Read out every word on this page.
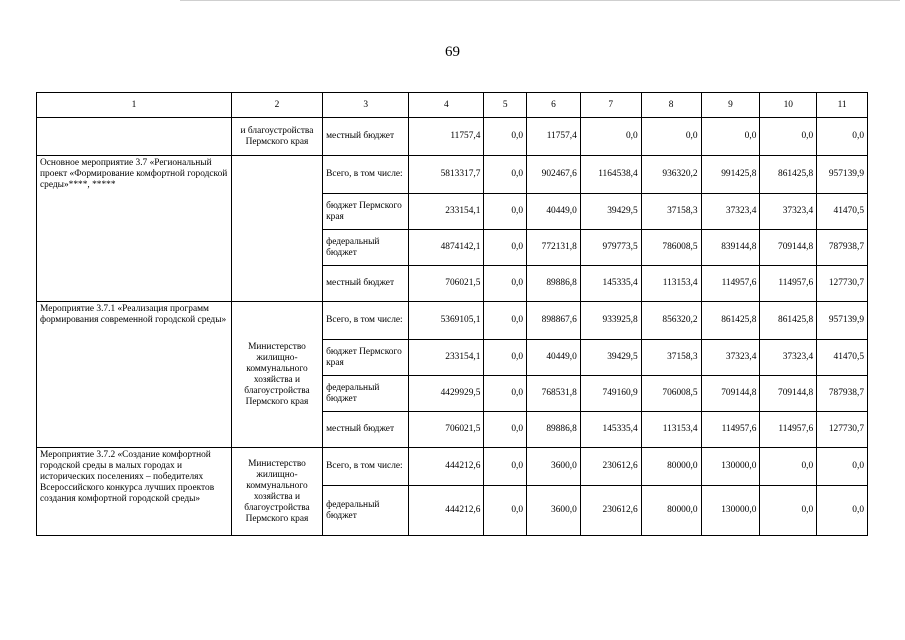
69
1	2	3	4	5	6	7	8	9	10	11
	и благоустройства Пермского края	местный бюджет	11757,4	0,0	11757,4	0,0	0,0	0,0	0,0	0,0
Основное мероприятие 3.7 «Региональный проект «Формирование комфортной городской среды»****, *****		Всего, в том числе:	5813317,7	0,0	902467,6	1164538,4	936320,2	991425,8	861425,8	957139,9
		бюджет Пермского края	233154,1	0,0	40449,0	39429,5	37158,3	37323,4	37323,4	41470,5
		федеральный бюджет	4874142,1	0,0	772131,8	979773,5	786008,5	839144,8	709144,8	787938,7
		местный бюджет	706021,5	0,0	89886,8	145335,4	113153,4	114957,6	114957,6	127730,7
Мероприятие 3.7.1 «Реализация программ формирования современной городской среды»	Министерство жилищно-коммунального хозяйства и благоустройства Пермского края	Всего, в том числе:	5369105,1	0,0	898867,6	933925,8	856320,2	861425,8	861425,8	957139,9
		бюджет Пермского края	233154,1	0,0	40449,0	39429,5	37158,3	37323,4	37323,4	41470,5
		федеральный бюджет	4429929,5	0,0	768531,8	749160,9	706008,5	709144,8	709144,8	787938,7
		местный бюджет	706021,5	0,0	89886,8	145335,4	113153,4	114957,6	114957,6	127730,7
Мероприятие 3.7.2 «Создание комфортной городской среды в малых городах и исторических поселениях – победителях Всероссийского конкурса лучших проектов создания комфортной городской среды»	Министерство жилищно-коммунального хозяйства и благоустройства Пермского края	Всего, в том числе:	444212,6	0,0	3600,0	230612,6	80000,0	130000,0	0,0	0,0
		федеральный бюджет	444212,6	0,0	3600,0	230612,6	80000,0	130000,0	0,0	0,0
